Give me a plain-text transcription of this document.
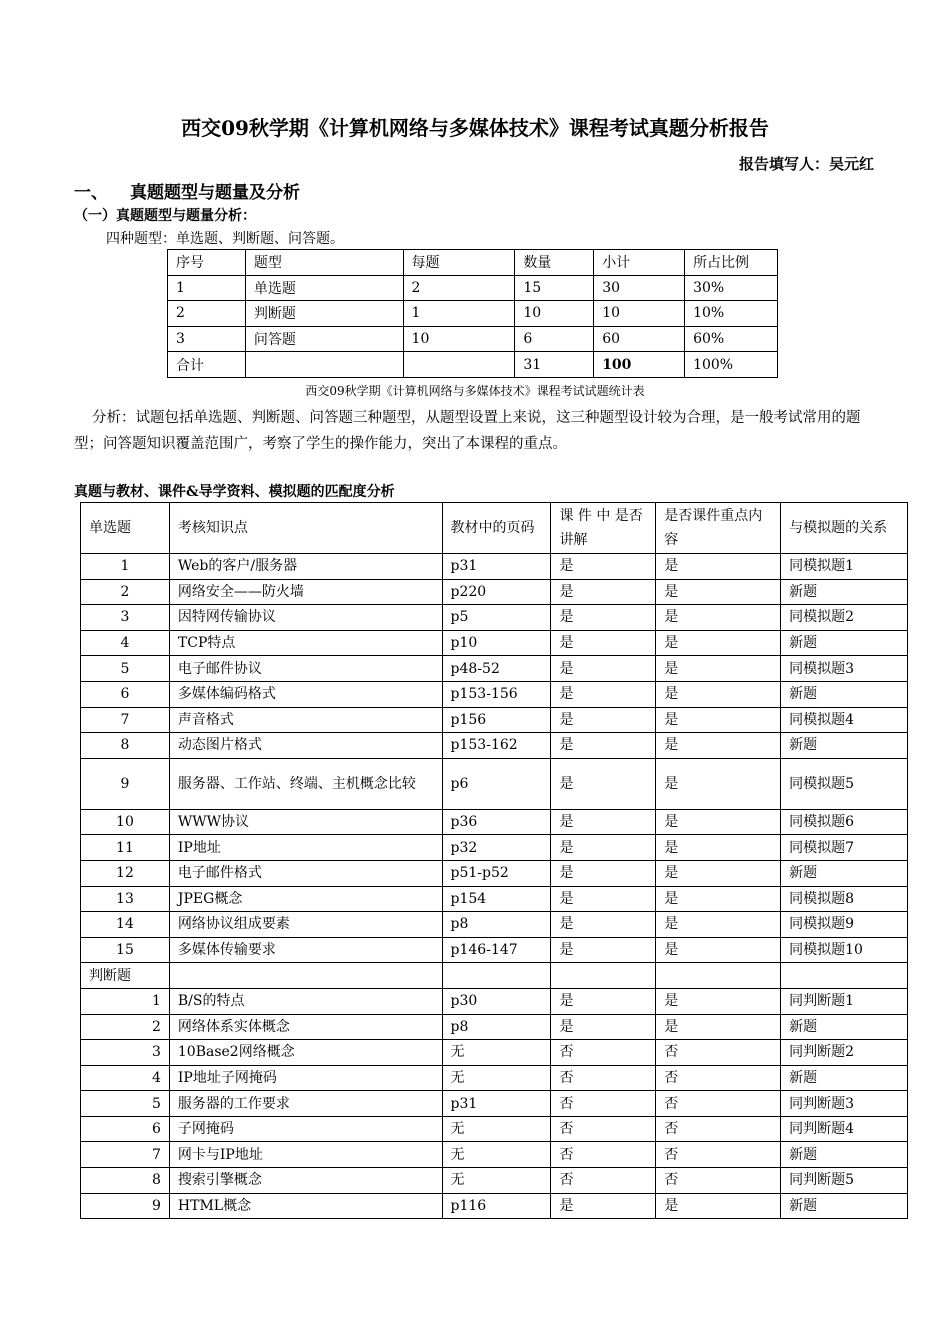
西交09秋学期《计算机网络与多媒体技术》课程考试真题分析报告
报告填写人：吴元红
一、 真题题型与题量及分析
（一）真题题型与题量分析：
四种题型：单选题、判断题、问答题。
序号	题型	每题	数量	小计	所占比例
1	单选题	2	15	30	30%
2	判断题	1	10	10	10%
3	问答题	10	6	60	60%
合计			31	100	100%
西交09秋学期《计算机网络与多媒体技术》课程考试试题统计表
分析：试题包括单选题、判断题、问答题三种题型，从题型设置上来说，这三种题型设计较为合理，是一般考试常用的题型；问答题知识覆盖范围广，考察了学生的操作能力，突出了本课程的重点。
真题与教材、课件&导学资料、模拟题的匹配度分析
单选题	考核知识点	教材中的页码	课 件 中 是否讲解	是否课件重点内容	与模拟题的关系
1	Web的客户/服务器	p31	是	是	同模拟题1
2	网络安全——防火墙	p220	是	是	新题
3	因特网传输协议	p5	是	是	同模拟题2
4	TCP特点	p10	是	是	新题
5	电子邮件协议	p48-52	是	是	同模拟题3
6	多媒体编码格式	p153-156	是	是	新题
7	声音格式	p156	是	是	同模拟题4
8	动态图片格式	p153-162	是	是	新题
9	服务器、工作站、终端、主机概念比较	p6	是	是	同模拟题5
10	WWW协议	p36	是	是	同模拟题6
11	IP地址	p32	是	是	同模拟题7
12	电子邮件格式	p51-p52	是	是	新题
13	JPEG概念	p154	是	是	同模拟题8
14	网络协议组成要素	p8	是	是	同模拟题9
15	多媒体传输要求	p146-147	是	是	同模拟题10
判断题					
1	B/S的特点	p30	是	是	同判断题1
2	网络体系实体概念	p8	是	是	新题
3	10Base2网络概念	无	否	否	同判断题2
4	IP地址子网掩码	无	否	否	新题
5	服务器的工作要求	p31	否	否	同判断题3
6	子网掩码	无	否	否	同判断题4
7	网卡与IP地址	无	否	否	新题
8	搜索引擎概念	无	否	否	同判断题5
9	HTML概念	p116	是	是	新题
